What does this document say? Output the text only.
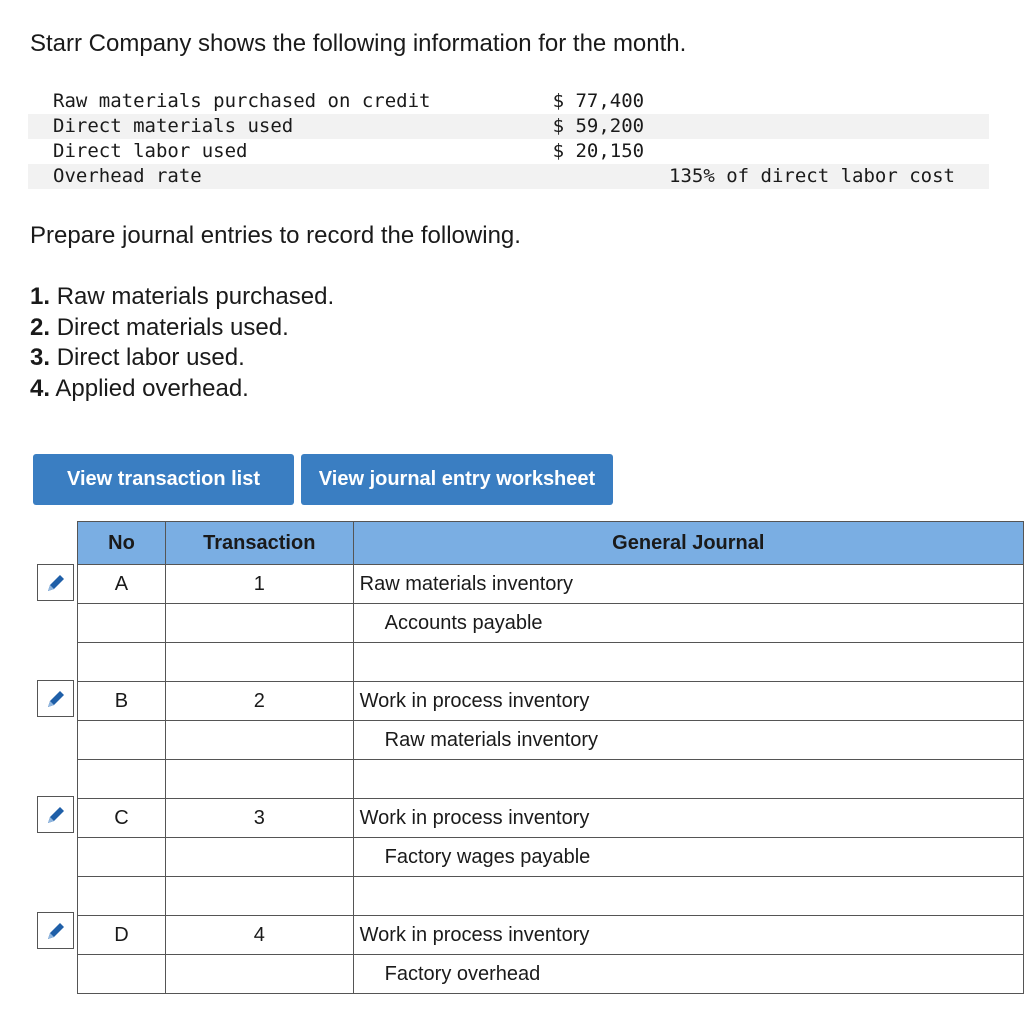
Starr Company shows the following information for the month.

Raw materials purchased on credit	$ 77,400
Direct materials used	$ 59,200
Direct labor used	$ 20,150
Overhead rate	135% of direct labor cost

Prepare journal entries to record the following.

1. Raw materials purchased.
2. Direct materials used.
3. Direct labor used.
4. Applied overhead.
View transaction list	View journal entry worksheet
No	Transaction	General Journal
A	1	Raw materials inventory
		Accounts payable

B	2	Work in process inventory
		Raw materials inventory

C	3	Work in process inventory
		Factory wages payable

D	4	Work in process inventory
		Factory overhead
